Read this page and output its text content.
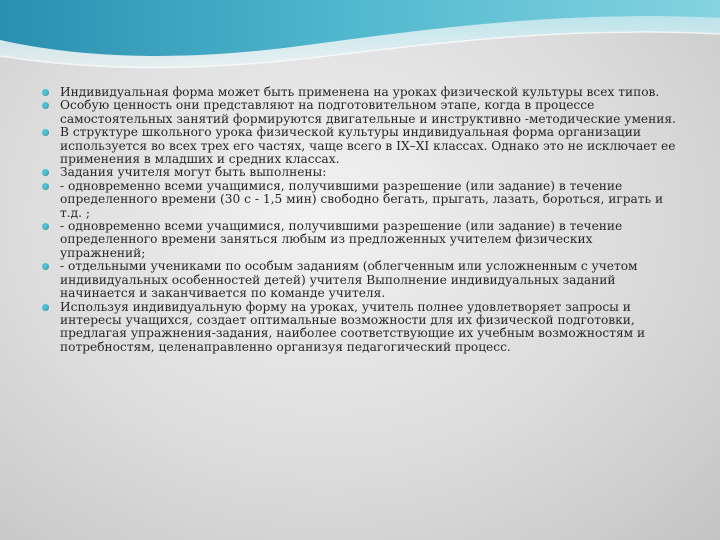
Индивидуальная форма может быть применена на уроках физической культуры всех типов.
Особую ценность они представляют на подготовительном этапе, когда в процессе самостоятельных занятий формируются двигательные и инструктивно -методические умения.
В структуре школьного урока физической культуры индивидуальная форма организации используется во всех трех его частях, чаще всего в IX–XI классах. Однако это не исключает ее применения в младших и средних классах.
Задания учителя могут быть выполнены:
- одновременно всеми учащимися, получившими разрешение (или задание) в течение определенного времени (30 с - 1,5 мин) свободно бегать, прыгать, лазать, бороться, играть и т.д. ;
- одновременно всеми учащимися, получившими разрешение (или задание) в течение определенного времени заняться любым из предложенных учителем физических упражнений;
- отдельными учениками по особым заданиям (облегченным или усложненным с учетом индивидуальных особенностей детей) учителя Выполнение индивидуальных заданий начинается и заканчивается по команде учителя.
Используя индивидуальную форму на уроках, учитель полнее удовлетворяет запросы и интересы учащихся, создает оптимальные возможности для их физической подготовки, предлагая упражнения-задания, наиболее соответствующие их учебным возможностям и потребностям, целенаправленно организуя педагогический процесс.
